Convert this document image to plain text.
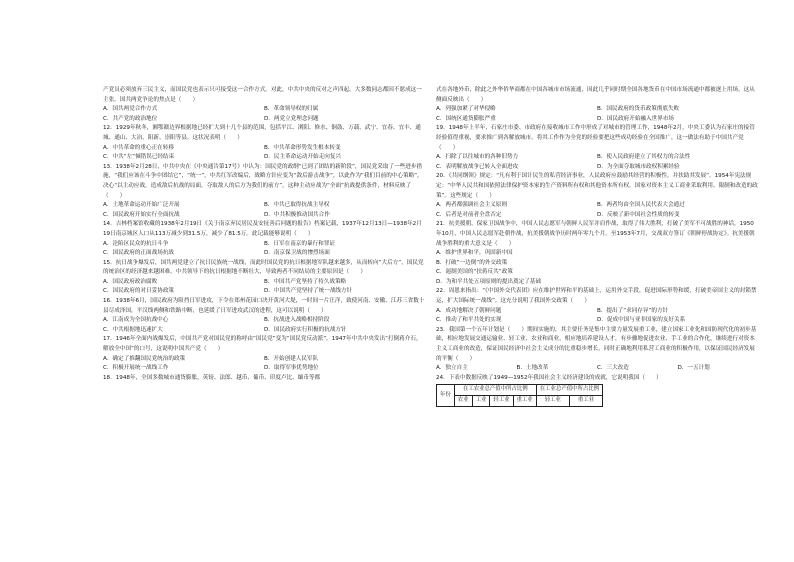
产党员必须放弃三民主义，而国民党也表示只可接受这一合作方式。对此，中共中央的反对之声四起，大多数同志都因不愿成这一主张。国共两党争论的焦点是（　　）

A．国共两党合作方式	B．革命领导权的归属
C．共产党的政治地位	D．两党立党理念问题

12．1929年秋冬，湘鄂赣边界根据地已经扩大到十几个县的范围，包括平江、浏阳、修水、铜鼓、万载、武宁、宜春、宜丰、通城、通山、大冶、阳新、崇阳等县。这状况表明（　　）

A．中共革命的重心正在转移	B．中共革命形势发生根本转变
C．中共“左”倾错误已经结束	D．民主革命运动开始走向复兴

13．1938年2月28日，中共中央在《中央通告第17号》中认为：国民党的政纲“已到了团结的新阶段”，国民党采取了一些进步措施，“我们应该在斗争中团结它”，“统一”，中共红军改编后，战略方针应变为“敌后游击战争”，以此作为“我们目前的中心策略”，决心“以主动应战，造成敌后抗战的局面，夺取敌人的后方为我们的前方”。这种主动应战为“全面”抗战提供条件，材料反映了（　　）

A．土地革命运动开始广泛开展	B．中共已取得抗战主导权
C．国民政府开始实行全面抗战	D．中共积极推动国共合作

14．吉林档案馆收藏的1938年2月19日《关于南京弃民居民及安抚善后问题的报告》档案记载，1937年12月13日—1938年2月19日南京城区人口从113万减少到31.5万，减少了81.5万。此记载能够说明（　　）

A．沦陷区民众的抗日斗争	B．日军在南京的暴行和罪证
C．国民政府的正面战场抗战	D．南京保卫战的惨烈场面

15．抗日战争爆发后，国共两党建立了抗日民族统一战线，而此时国民党的抗日根据地军队越来越多，从而转向“大后方”，国民党的统治区的经济越来越困难，中共领导下的抗日根据地不断壮大，导致两者不同结局的主要原因是（　　）

A．国民政府政治腐败	B．中国共产党坚持了持久战策略
C．国民政府的对日妥协政策	D．中国共产党坚持了统一战线方针

16．1938年6月，国民政府为阻挡日军进攻，下令在郑州花园口决开黄河大堤，一时间一片汪洋，致使河南、安徽、江苏三省数十县尽成泽国，平汉线两侧和铁路中断，也延缓了日军进攻武汉的进程，这可以说明（　　）

A．江南成为全国抗战中心	B．抗战进入战略相持阶段
C．中共根据地迅速扩大	D．国民政府实行积极的抗战方针

17．1946年全面内战爆发后，中国共产党对国民党的称呼由“国民党”变为“国民党反动派”。1947年中共中央发出“打倒蒋介石，解放全中国”的口号，这说明中国共产党（　　）

A．确定了推翻国民党统治的政策	B．开始创建人民军队
C．积极开展统一战线工作	D．取得军事优势地位

18．1948年，全国多数城市通货膨胀，英镑、法郎、越币、葡币、印度卢比、缅币等都

式在各地外币，除此之外华侨华商都在中国各城市市场流通，因此几乎同时期全国各地货币在中国市场流通中都被逐上用场。这从侧面反映出（　　）

A．列强加紧了对华侵略	B．国民政府的货币政策彻底失败
C．国统区通货膨胀严重	D．国民政府开始融入世界市场

19．1948年上半年，石家庄市委、市政府在接收城市工作中形成了对城市的管理工作，1948年2月，中央工委认为石家庄的接管经验值得重视，要求推广到各解放城市，将其工作作为全党的经验要把这些成功经验在全国推广，这一做法有助于中国共产党（　　）

A．扫除了以往城市的各种旧势力	B．使人民政府建立了其权力的合法性
C．表明解放战争已转入全面进攻	D．为全面夺取城市政权积累经验

20．《共同纲领》规定：“凡有利于国计民生的私营经济事业，人民政府应鼓励其经营的积极性，并扶助其发展”。1954年宪法规定：“中华人民共和国依照法律保护资本家的生产资料所有权和其他资本所有权。国家对资本主义工商业采取利用、限制和改造的政策”。这些规定（　　）

A．两者都强调社会主义原则	B．两者均由全国人民代表大会通过
C．后者是对前者全盘否定	D．反映了新中国社会性质的转变

21．抗美援朝，保家卫国战争中，中国人民志愿军与朝鲜人民军并肩作战，取得了伟大胜利，打破了美军不可战胜的神话，1950年10月，中国人民志愿军赴朝作战，抗美援朝战争历时两年零九个月。至1953年7月，交战双方签订《朝鲜停战协定》。抗美援朝战争胜利的重大意义是（　　）

A．维护世界和平，巩固新中国
B．打破“一边倒”的外交政策
C．遏制美国的“扶蒋反共”政策
D．为和平共处五项原则的提出奠定了基础

22．周恩来指出：“《中国外交代表团》应在维护世界和平的基础上，运用外交手段，促进国际形势和缓，打破美帝国主义的封锁禁运，扩大国际统一战线”。这充分说明了我国外交政策（　　）

A．成功地解决了朝鲜问题	B．提出了“求同存异”的方针
C．推动了和平共处的实现	D．促成中国与亚非国家的友好关系

23．我国第一个五年计划是（　　）期间实施的，其主要任务是集中主要力量发展重工业，建立国家工业化和国防现代化的初步基础，相应地发展交通运输业、轻工业、农业和商业，相应地培养建设人才，有步骤地促进农业、手工业的合作化，继续进行对资本主义工商业的改造，保证国民经济中社会主义成分的比重稳步增长，同时正确地利用私营工商业的积极作用，以保证国民经济发展的平衡（　　）

A．独立自主	B．土地改革	C．三大改造	D．一五计划

24．下表中数据反映了1949—1952年我国社会主义经济建设的成就，它说明我国（　　）

年份	在工农业总产值中所占比例				在工业总产值中所占比例	
	农业	工业	轻工业	重工业	轻工业	重工业
